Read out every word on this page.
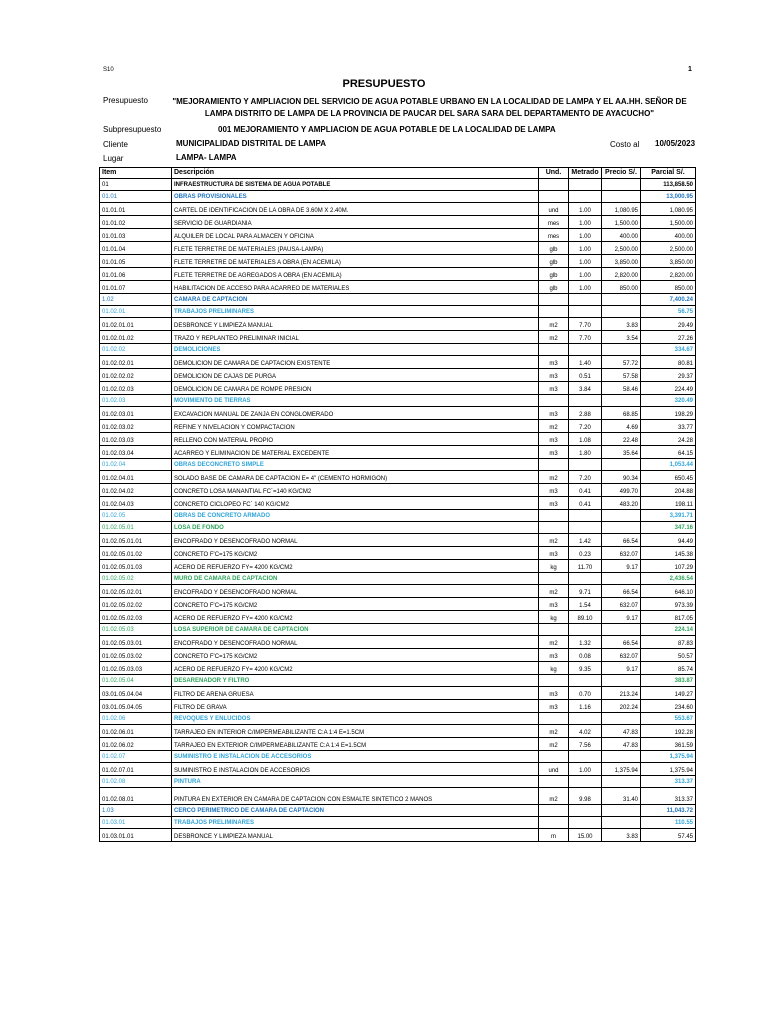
S10	1
PRESUPUESTO
Presupuesto	"MEJORAMIENTO Y AMPLIACION DEL SERVICIO DE AGUA POTABLE URBANO EN LA LOCALIDAD DE LAMPA Y EL AA.HH. SEÑOR DE LAMPA DISTRITO DE LAMPA DE LA PROVINCIA DE PAUCAR DEL SARA SARA DEL DEPARTAMENTO DE AYACUCHO"
Subpresupuesto	001 MEJORAMIENTO Y AMPLIACION DE AGUA POTABLE DE LA LOCALIDAD DE LAMPA
Cliente	MUNICIPALIDAD DISTRITAL DE LAMPA	Costo al 10/05/2023
Lugar	LAMPA- LAMPA
Item	Descripción	Und.	Metrado	Precio S/.	Parcial S/.
01	INFRAESTRUCTURA DE SISTEMA DE AGUA POTABLE				113,858.50
01.01	OBRAS PROVISIONALES				13,000.95
01.01.01	CARTEL DE IDENTIFICACION DE LA OBRA DE 3.60M X 2.40M.	und	1.00	1,080.95	1,080.95
01.01.02	SERVICIO DE GUARDIANIA	mes	1.00	1,500.00	1,500.00
01.01.03	ALQUILER DE LOCAL PARA ALMACEN Y OFICINA	mes	1.00	400.00	400.00
01.01.04	FLETE TERRETRE DE MATERIALES (PAUSA-LAMPA)	glb	1.00	2,500.00	2,500.00
01.01.05	FLETE TERRETRE DE MATERIALES A OBRA (EN ACEMILA)	glb	1.00	3,850.00	3,850.00
01.01.06	FLETE TERRETRE DE AGREGADOS A OBRA (EN ACEMILA)	glb	1.00	2,820.00	2,820.00
01.01.07	HABILITACION DE ACCESO PARA ACARREO DE MATERIALES	glb	1.00	850.00	850.00
1.02	CAMARA DE CAPTACION				7,400.24
01.02.01	TRABAJOS PRELIMINARES				56.75
01.02.01.01	DESBRONCE Y LIMPIEZA MANUAL	m2	7.70	3.83	29.49
01.02.01.02	TRAZO Y REPLANTEO PRELIMINAR INICIAL	m2	7.70	3.54	27.26
01.02.02	DEMOLICIONES				334.67
01.02.02.01	DEMOLICION DE CAMARA DE CAPTACION EXISTENTE	m3	1.40	57.72	80.81
01.02.02.02	DEMOLICION DE CAJAS DE PURGA	m3	0.51	57.58	29.37
01.02.02.03	DEMOLICION DE CAMARA DE ROMPE PRESION	m3	3.84	58.46	224.49
01.02.03	MOVIMIENTO DE TIERRAS				320.49
01.02.03.01	EXCAVACION MANUAL DE ZANJA EN CONGLOMERADO	m3	2.88	68.85	198.29
01.02.03.02	REFINE Y NIVELACION Y COMPACTACION	m2	7.20	4.69	33.77
01.02.03.03	RELLENO CON MATERIAL PROPIO	m3	1.08	22.48	24.28
01.02.03.04	ACARREO Y ELIMINACION DE MATERIAL EXCEDENTE	m3	1.80	35.64	64.15
01.02.04	OBRAS DECONCRETO SIMPLE				1,053.44
01.02.04.01	SOLADO BASE DE CAMARA DE CAPTACION E= 4" (CEMENTO HORMIGON)	m2	7.20	90.34	650.45
01.02.04.02	CONCRETO LOSA MANANTIAL FC´=140 KG/CM2	m3	0.41	499.70	204.88
01.02.04.03	CONCRETO CICLOPEO FC´ 140 KG/CM2	m3	0.41	483.20	198.11
01.02.05	OBRAS DE CONCRETO ARMADO				3,391.71
01.02.05.01	LOSA DE FONDO				347.16
01.02.05.01.01	ENCOFRADO Y DESENCOFRADO NORMAL	m2	1.42	66.54	94.49
01.02.05.01.02	CONCRETO F'C=175 KG/CM2	m3	0.23	632.07	145.38
01.02.05.01.03	ACERO DE REFUERZO FY= 4200 KG/CM2	kg	11.70	9.17	107.29
01.02.05.02	MURO DE CAMARA DE CAPTACION				2,436.54
01.02.05.02.01	ENCOFRADO Y DESENCOFRADO NORMAL	m2	9.71	66.54	646.10
01.02.05.02.02	CONCRETO F'C=175 KG/CM2	m3	1.54	632.07	973.39
01.02.05.02.03	ACERO DE REFUERZO FY= 4200 KG/CM2	kg	89.10	9.17	817.05
01.02.05.03	LOSA SUPERIOR DE CAMARA DE CAPTACION				224.14
01.02.05.03.01	ENCOFRADO Y DESENCOFRADO NORMAL	m2	1.32	66.54	87.83
01.02.05.03.02	CONCRETO F'C=175 KG/CM2	m3	0.08	632.07	50.57
01.02.05.03.03	ACERO DE REFUERZO FY= 4200 KG/CM2	kg	9.35	9.17	85.74
01.02.05.04	DESARENADOR Y FILTRO				383.87
03.01.05.04.04	FILTRO DE ARENA GRUESA	m3	0.70	213.24	149.27
03.01.05.04.05	FILTRO DE GRAVA	m3	1.16	202.24	234.60
01.02.06	REVOQUES Y ENLUCIDOS				553.67
01.02.06.01	TARRAJEO EN INTERIOR C/IMPERMEABILIZANTE C:A 1:4 E=1.5CM	m2	4.02	47.83	192.28
01.02.06.02	TARRAJEO EN EXTERIOR C/IMPERMEABILIZANTE C:A 1:4 E=1.5CM	m2	7.56	47.83	361.59
01.02.07	SUMINISTRO E INSTALACION DE ACCESORIOS				1,375.94
01.02.07.01	SUMINISTRO E INSTALACION DE ACCESORIOS	und	1.00	1,375.94	1,375.94
01.02.08	PINTURA				313.37
01.02.08.01	PINTURA EN EXTERIOR EN CAMARA DE CAPTACION CON ESMALTE SINTETICO 2 MANOS	m2	9.98	31.40	313.37
1.03	CERCO PERIMETRICO DE CAMARA DE CAPTACION				11,043.72
01.03.01	TRABAJOS PRELIMINARES				110.55
01.03.01.01	DESBRONCE Y LIMPIEZA MANUAL	m	15.00	3.83	57.45
